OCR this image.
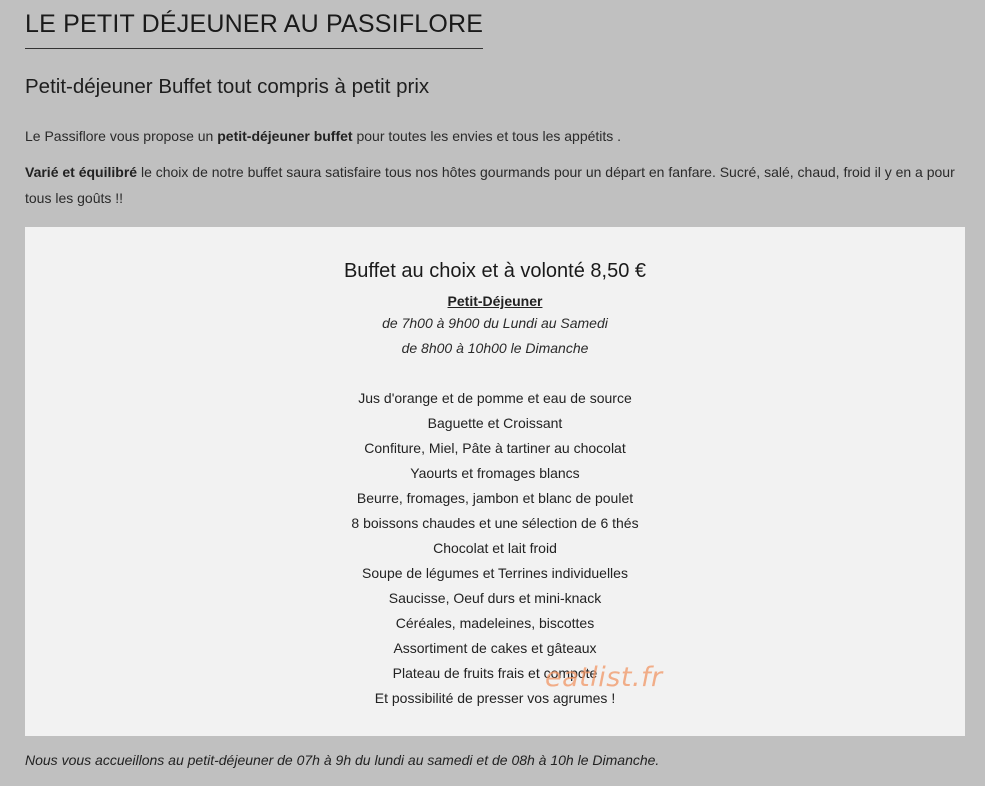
LE PETIT DÉJEUNER AU PASSIFLORE
Petit-déjeuner Buffet tout compris à petit prix

Le Passiflore vous propose un petit-déjeuner buffet pour toutes les envies et tous les appétits .

Varié et équilibré le choix de notre buffet saura satisfaire tous nos hôtes gourmands pour un départ en fanfare. Sucré, salé, chaud, froid il y en a pour tous les goûts !!

Buffet au choix et à volonté 8,50 €
Petit-Déjeuner
de 7h00 à 9h00 du Lundi au Samedi
de 8h00 à 10h00 le Dimanche
Jus d'orange et de pomme et eau de source
Baguette et Croissant
Confiture, Miel, Pâte à tartiner au chocolat
Yaourts et fromages blancs
Beurre, fromages, jambon et blanc de poulet
8 boissons chaudes et une sélection de 6 thés
Chocolat et lait froid
Soupe de légumes et Terrines individuelles
Saucisse, Oeuf durs et mini-knack
Céréales, madeleines, biscottes
Assortiment de cakes et gâteaux
Plateau de fruits frais et compote
Et possibilité de presser vos agrumes !
eatlist.fr

Nous vous accueillons au petit-déjeuner de 07h à 9h du lundi au samedi et de 08h à 10h le Dimanche.
